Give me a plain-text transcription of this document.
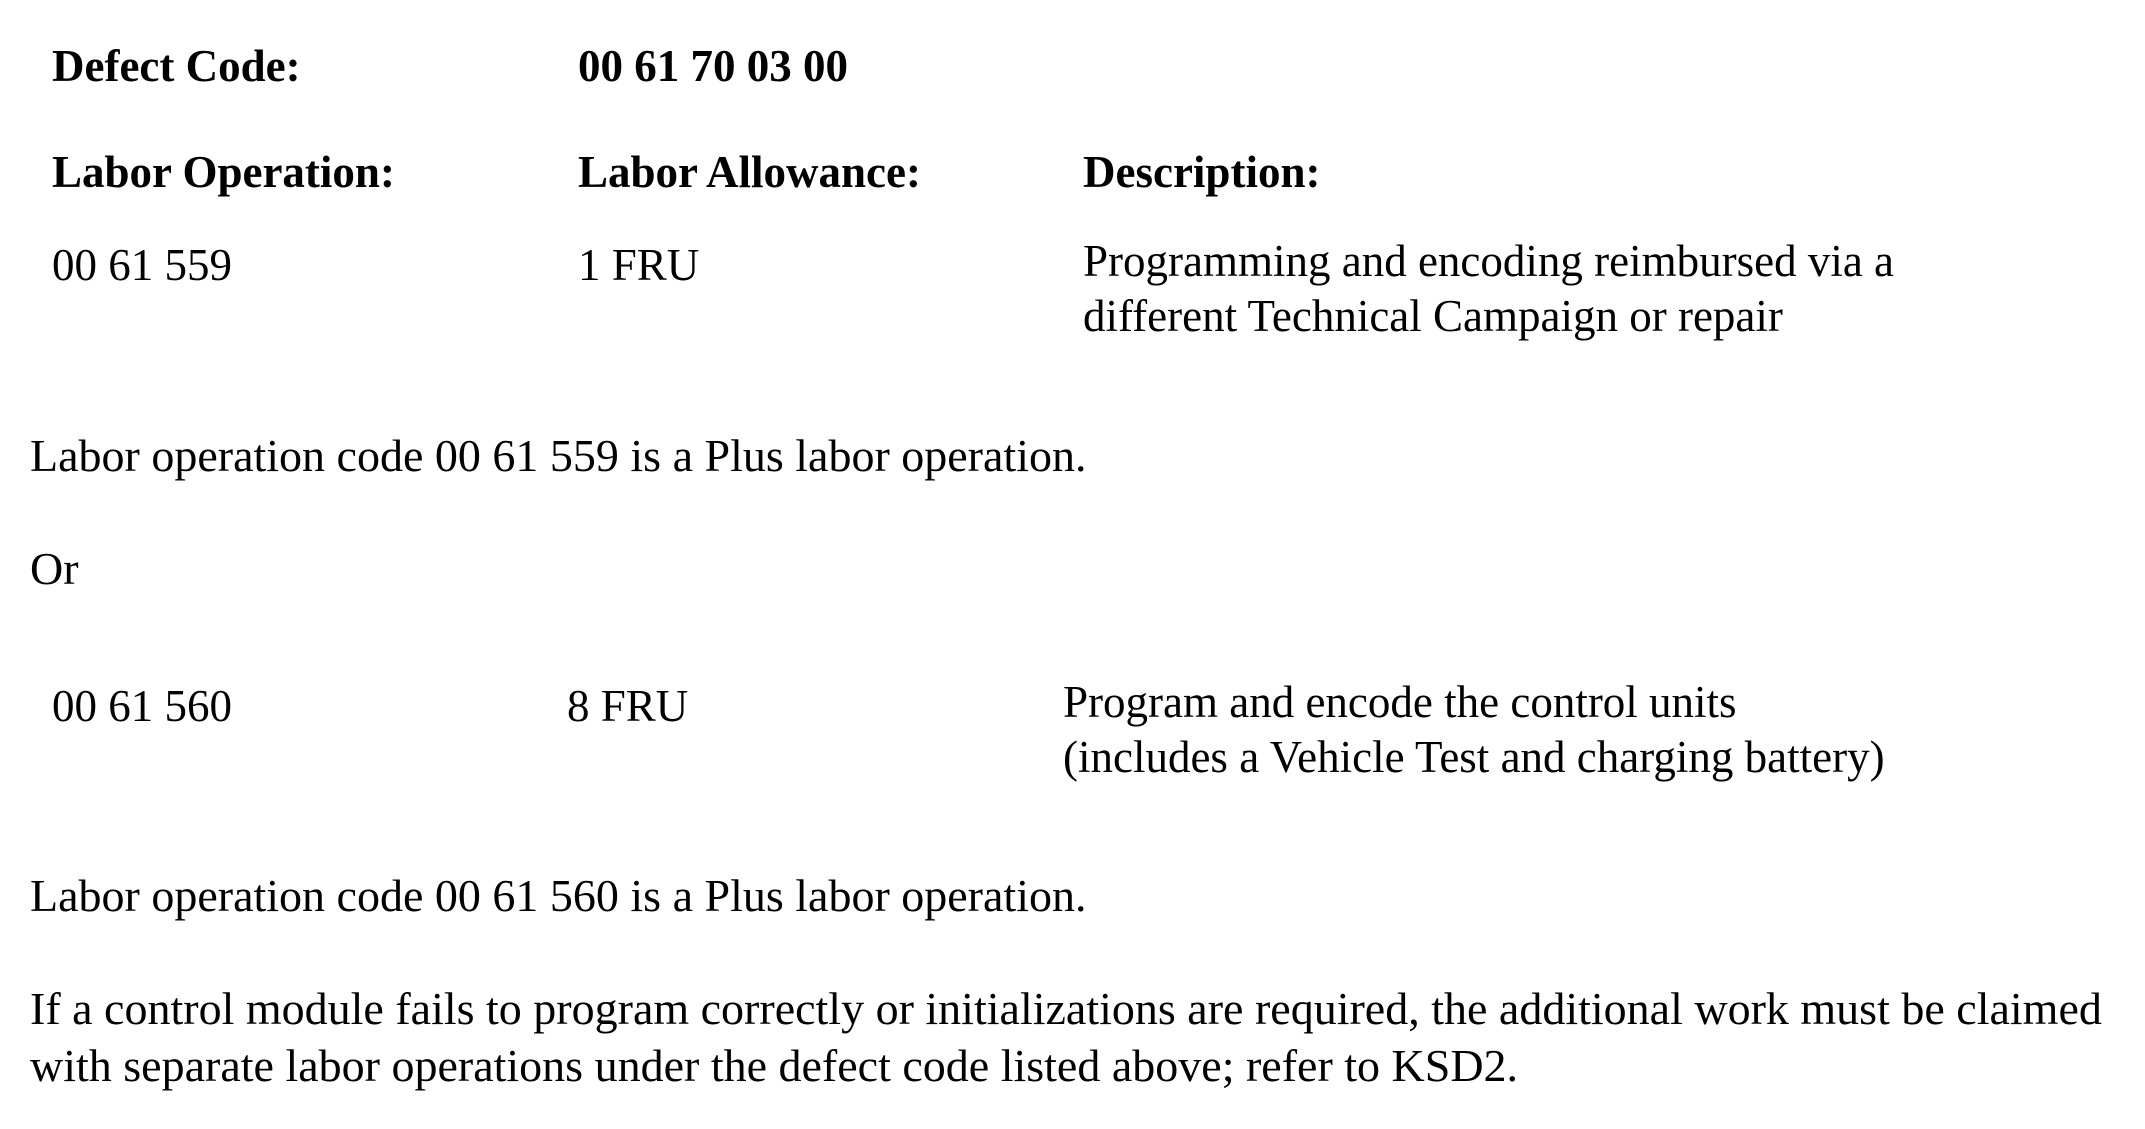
Defect Code:	00 61 70 03 00
Labor Operation:	Labor Allowance:	Description:
00 61 559	1 FRU	Programming and encoding reimbursed via a different Technical Campaign or repair
Labor operation code 00 61 559 is a Plus labor operation.
Or
00 61 560	8 FRU	Program and encode the control units (includes a Vehicle Test and charging battery)
Labor operation code 00 61 560 is a Plus labor operation.
If a control module fails to program correctly or initializations are required, the additional work must be claimed with separate labor operations under the defect code listed above; refer to KSD2.
